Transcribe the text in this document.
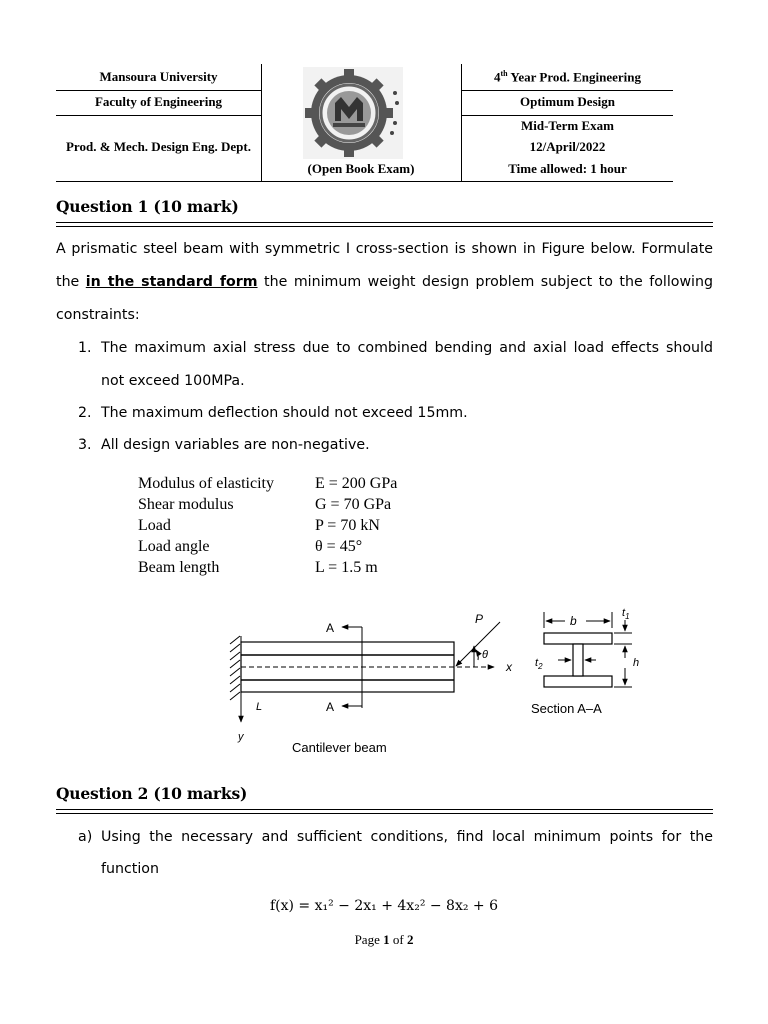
Mansoura University
Faculty of Engineering
Prod. & Mech. Design Eng. Dept.
(Open Book Exam)
4th Year Prod. Engineering
Optimum Design
Mid-Term Exam
12/April/2022
Time allowed: 1 hour
Question 1 (10 mark)
A prismatic steel beam with symmetric I cross-section is shown in Figure below. Formulate
the in the standard form the minimum weight design problem subject to the following
constraints:
1. The maximum axial stress due to combined bending and axial load effects should
not exceed 100MPa.
2. The maximum deflection should not exceed 15mm.
3. All design variables are non-negative.
Modulus of elasticity	E = 200 GPa
Shear modulus	G = 70 GPa
Load	P = 70 kN
Load angle	θ = 45°
Beam length	L = 1.5 m
A
A
P
θ
x
y
L
Cantilever beam
b
$t_1$
$t_2$	h
Section A–A
Question 2 (10 marks)
a) Using the necessary and sufficient conditions, find local minimum points for the
function
f(x) = x₁² − 2x₁ + 4x₂² − 8x₂ + 6
Page 1 of 2
